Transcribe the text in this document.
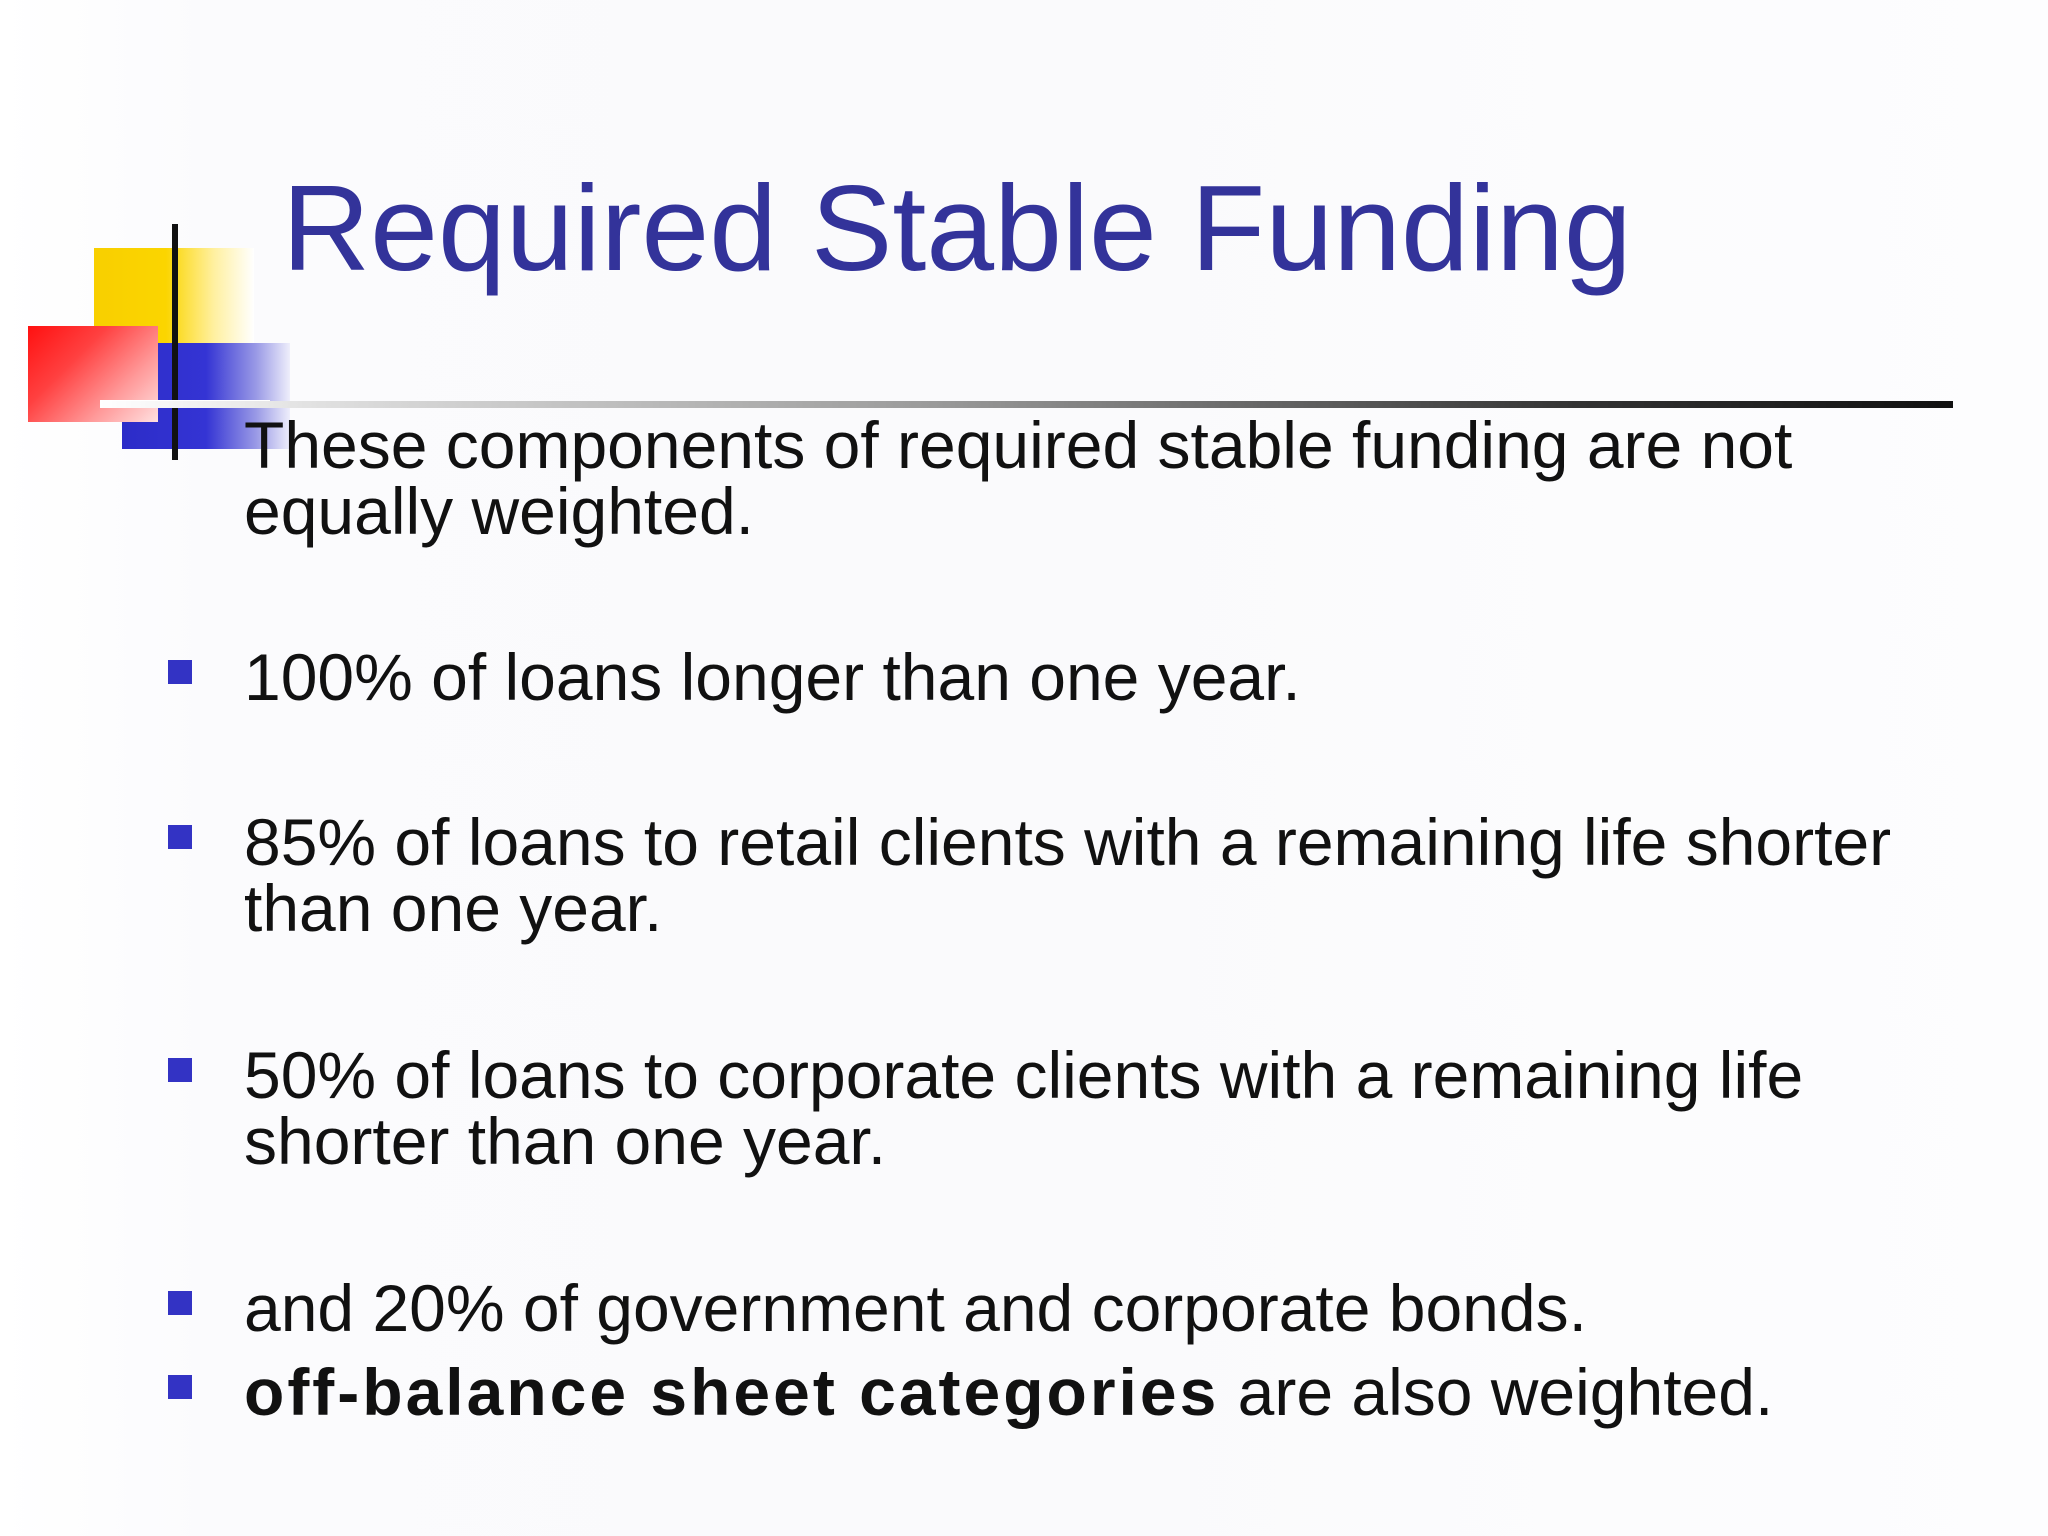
Required Stable Funding

These components of required stable funding are not equally weighted.

100% of loans longer than one year.

85% of loans to retail clients with a remaining life shorter than one year.

50% of loans to corporate clients with a remaining life shorter than one year.

and 20% of government and corporate bonds.

off-balance sheet categories are also weighted.
